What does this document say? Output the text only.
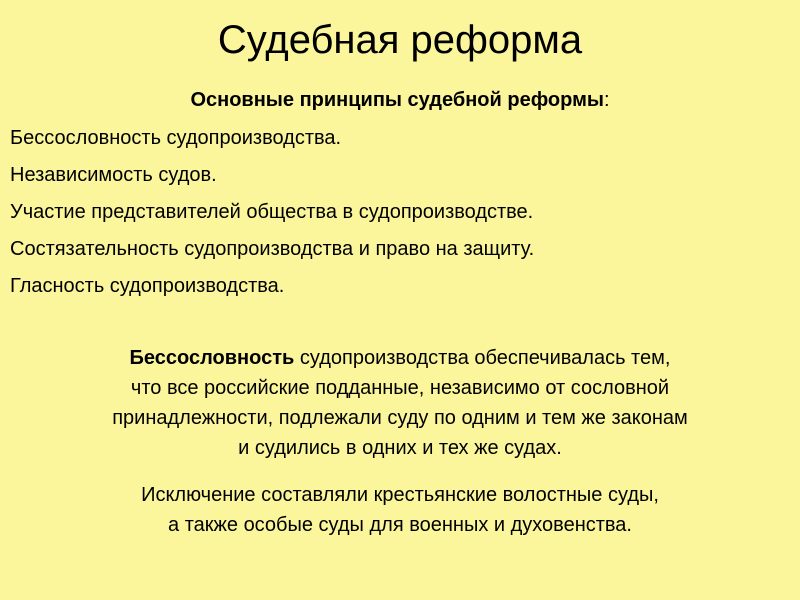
Судебная реформа
Основные принципы судебной реформы:
Бессословность судопроизводства.
Независимость судов.
Участие представителей общества в судопроизводстве.
Состязательность судопроизводства и право на защиту.
Гласность судопроизводства.

Бессословность судопроизводства обеспечивалась тем,
что все российские подданные, независимо от сословной
принадлежности, подлежали суду по одним и тем же законам
и судились в одних и тех же судах.

Исключение составляли крестьянские волостные суды,
а также особые суды для военных и духовенства.
